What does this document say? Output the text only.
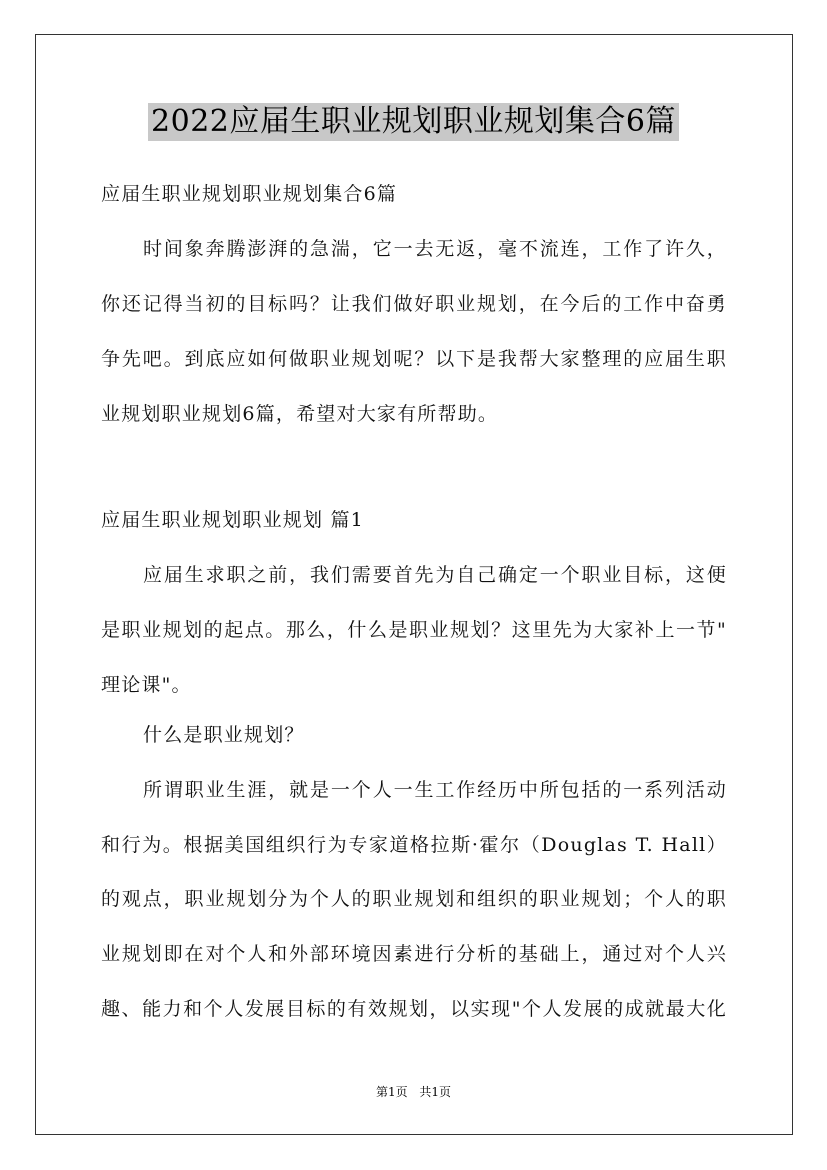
2022应届生职业规划职业规划集合6篇
应届生职业规划职业规划集合6篇
时间象奔腾澎湃的急湍，它一去无返，毫不流连，工作了许久，
你还记得当初的目标吗？让我们做好职业规划，在今后的工作中奋勇
争先吧。到底应如何做职业规划呢？以下是我帮大家整理的应届生职
业规划职业规划6篇，希望对大家有所帮助。
应届生职业规划职业规划 篇1
应届生求职之前，我们需要首先为自己确定一个职业目标，这便
是职业规划的起点。那么，什么是职业规划？这里先为大家补上一节"
理论课"。
什么是职业规划？
所谓职业生涯，就是一个人一生工作经历中所包括的一系列活动
和行为。根据美国组织行为专家道格拉斯·霍尔（Douglas T. Hall）
的观点，职业规划分为个人的职业规划和组织的职业规划；个人的职
业规划即在对个人和外部环境因素进行分析的基础上，通过对个人兴
趣、能力和个人发展目标的有效规划，以实现"个人发展的成就最大化
第1页 共1页
